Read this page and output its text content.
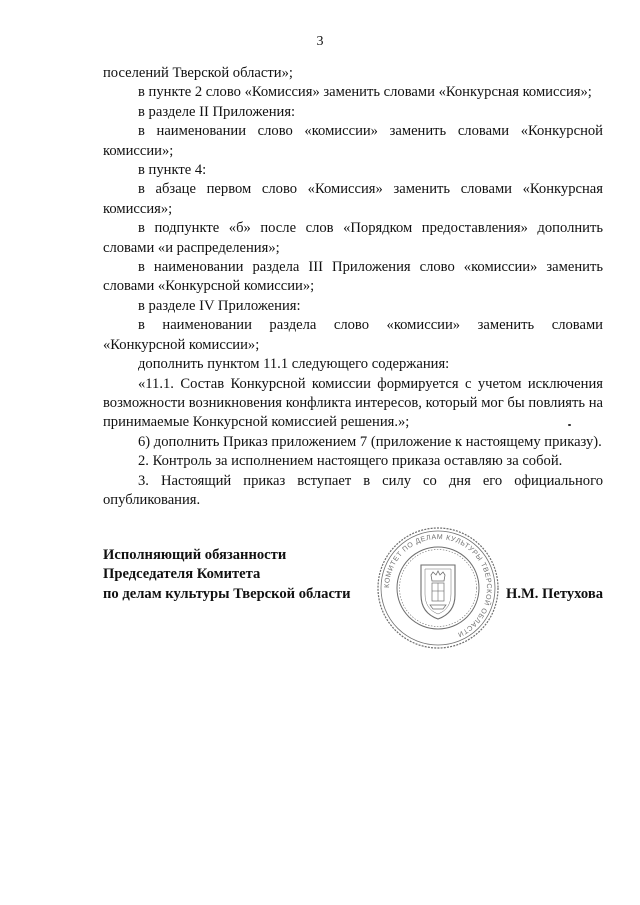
3

поселений Тверской области»;

в пункте 2 слово «Комиссия» заменить словами «Конкурсная комиссия»;

в разделе II Приложения:

в наименовании слово «комиссии» заменить словами «Конкурсной комиссии»;

в пункте 4:

в абзаце первом слово «Комиссия» заменить словами «Конкурсная комиссия»;

в подпункте «б» после слов «Порядком предоставления» дополнить словами «и распределения»;

в наименовании раздела III Приложения слово «комиссии» заменить словами «Конкурсной комиссии»;

в разделе IV Приложения:

в наименовании раздела слово «комиссии» заменить словами «Конкурсной комиссии»;

дополнить пунктом 11.1 следующего содержания:

«11.1. Состав Конкурсной комиссии формируется с учетом исключения возможности возникновения конфликта интересов, который мог бы повлиять на принимаемые Конкурсной комиссией решения.»;

6) дополнить Приказ приложением 7 (приложение к настоящему приказу).

2. Контроль за исполнением настоящего приказа оставляю за собой.

3. Настоящий приказ вступает в силу со дня его официального опубликования.

Исполняющий обязанности
Председателя Комитета
по делам культуры Тверской области	Н.М. Петухова
КОМИТЕТ ПО ДЕЛАМ КУЛЬТУРЫ ТВЕРСКОЙ ОБЛАСТИ
